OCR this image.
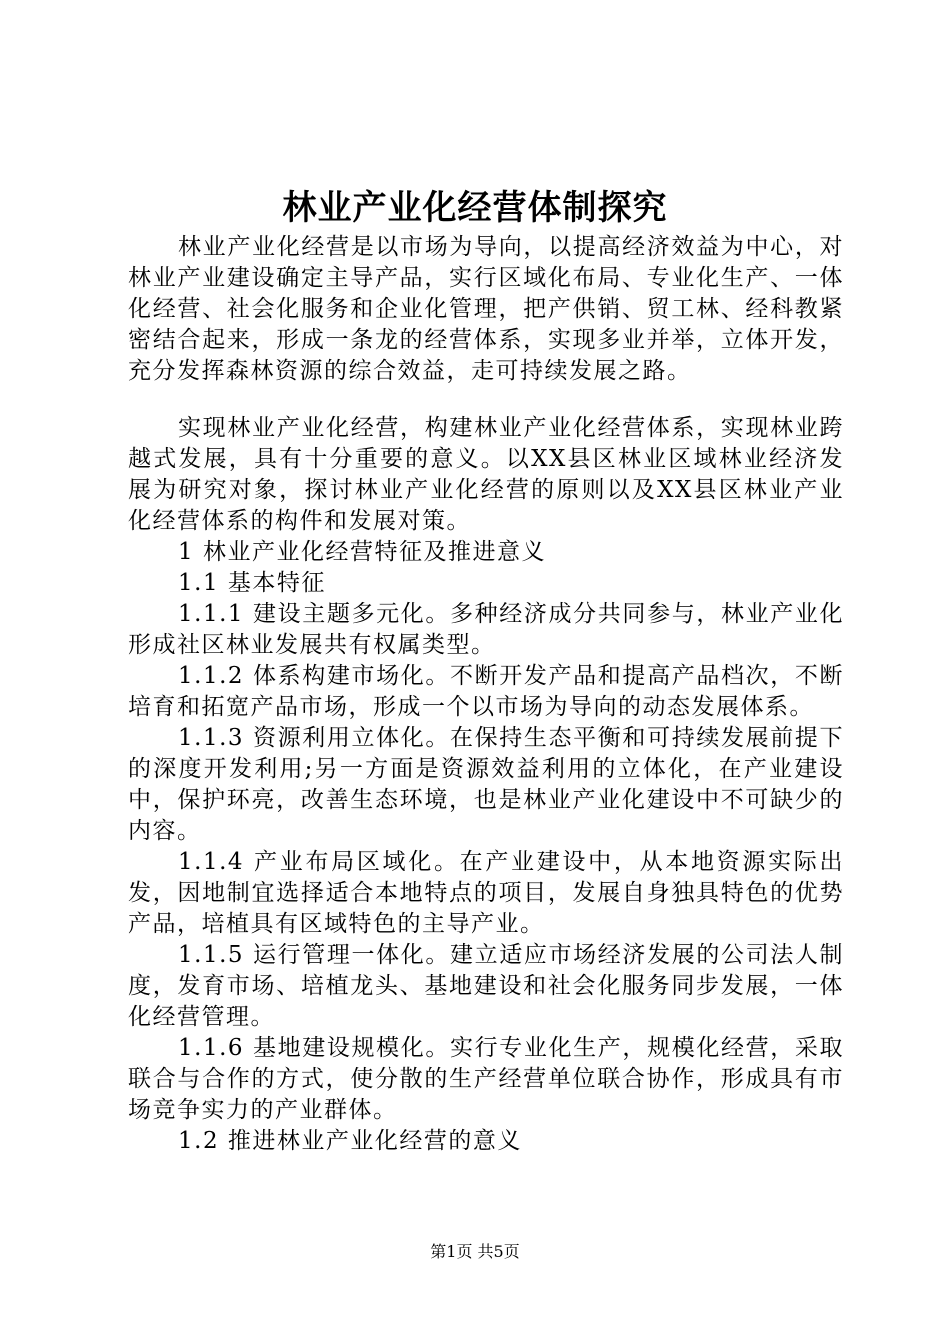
林业产业化经营体制探究

林业产业化经营是以市场为导向，以提高经济效益为中心，对林业产业建设确定主导产品，实行区域化布局、专业化生产、一体化经营、社会化服务和企业化管理，把产供销、贸工林、经科教紧密结合起来，形成一条龙的经营体系，实现多业并举，立体开发，充分发挥森林资源的综合效益，走可持续发展之路。

实现林业产业化经营，构建林业产业化经营体系，实现林业跨越式发展，具有十分重要的意义。以XX县区林业区域林业经济发展为研究对象，探讨林业产业化经营的原则以及XX县区林业产业化经营体系的构件和发展对策。

1 林业产业化经营特征及推进意义

1.1 基本特征

1.1.1 建设主题多元化。多种经济成分共同参与，林业产业化形成社区林业发展共有权属类型。

1.1.2 体系构建市场化。不断开发产品和提高产品档次，不断培育和拓宽产品市场，形成一个以市场为导向的动态发展体系。

1.1.3 资源利用立体化。在保持生态平衡和可持续发展前提下的深度开发利用;另一方面是资源效益利用的立体化，在产业建设中，保护环亮，改善生态环境，也是林业产业化建设中不可缺少的内容。

1.1.4 产业布局区域化。在产业建设中，从本地资源实际出发，因地制宜选择适合本地特点的项目，发展自身独具特色的优势产品，培植具有区域特色的主导产业。

1.1.5 运行管理一体化。建立适应市场经济发展的公司法人制度，发育市场、培植龙头、基地建设和社会化服务同步发展，一体化经营管理。

1.1.6 基地建设规模化。实行专业化生产，规模化经营，采取联合与合作的方式，使分散的生产经营单位联合协作，形成具有市场竞争实力的产业群体。

1.2 推进林业产业化经营的意义

第1页 共5页
